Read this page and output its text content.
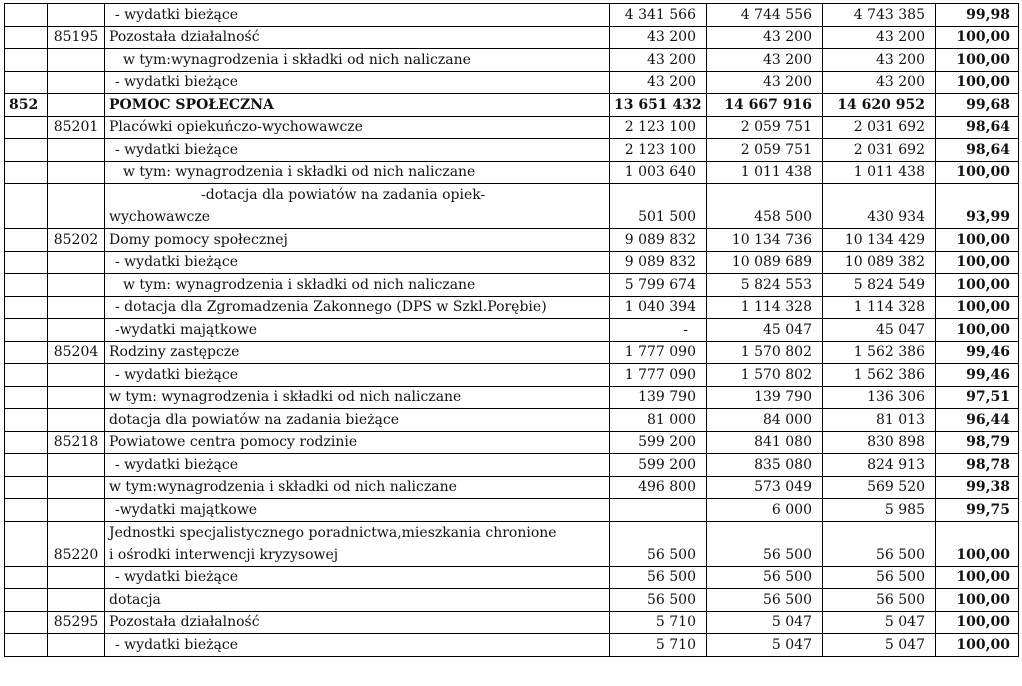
		- wydatki bieżące	4 341 566	4 744 556	4 743 385	99,98
	85195	Pozostała działalność	43 200	43 200	43 200	100,00
		w tym:wynagrodzenia i składki od nich naliczane	43 200	43 200	43 200	100,00
		- wydatki bieżące	43 200	43 200	43 200	100,00
852		POMOC SPOŁECZNA	13 651 432	14 667 916	14 620 952	99,68
	85201	Placówki opiekuńczo-wychowawcze	2 123 100	2 059 751	2 031 692	98,64
		- wydatki bieżące	2 123 100	2 059 751	2 031 692	98,64
		w tym: wynagrodzenia i składki od nich naliczane	1 003 640	1 011 438	1 011 438	100,00

		-dotacja dla powiatów na zadania opiek-
wychowawcze	501 500	458 500	430 934	93,99
	85202	Domy pomocy społecznej	9 089 832	10 134 736	10 134 429	100,00
		- wydatki bieżące	9 089 832	10 089 689	10 089 382	100,00
		w tym: wynagrodzenia i składki od nich naliczane	5 799 674	5 824 553	5 824 549	100,00
		- dotacja dla Zgromadzenia Zakonnego (DPS w Szkl.Porębie)	1 040 394	1 114 328	1 114 328	100,00
		-wydatki majątkowe	-	45 047	45 047	100,00
	85204	Rodziny zastępcze	1 777 090	1 570 802	1 562 386	99,46
		- wydatki bieżące	1 777 090	1 570 802	1 562 386	99,46
		w tym: wynagrodzenia i składki od nich naliczane	139 790	139 790	136 306	97,51
		dotacja dla powiatów na zadania bieżące	81 000	84 000	81 013	96,44
	85218	Powiatowe centra pomocy rodzinie	599 200	841 080	830 898	98,79
		- wydatki bieżące	599 200	835 080	824 913	98,78
		w tym:wynagrodzenia i składki od nich naliczane	496 800	573 049	569 520	99,38
		-wydatki majątkowe		6 000	5 985	99,75
	85220	Jednostki specjalistycznego poradnictwa,mieszkania chronione
i ośrodki interwencji kryzysowej	56 500	56 500	56 500	100,00
		- wydatki bieżące	56 500	56 500	56 500	100,00
		dotacja	56 500	56 500	56 500	100,00
	85295	Pozostała działalność	5 710	5 047	5 047	100,00
		- wydatki bieżące	5 710	5 047	5 047	100,00
